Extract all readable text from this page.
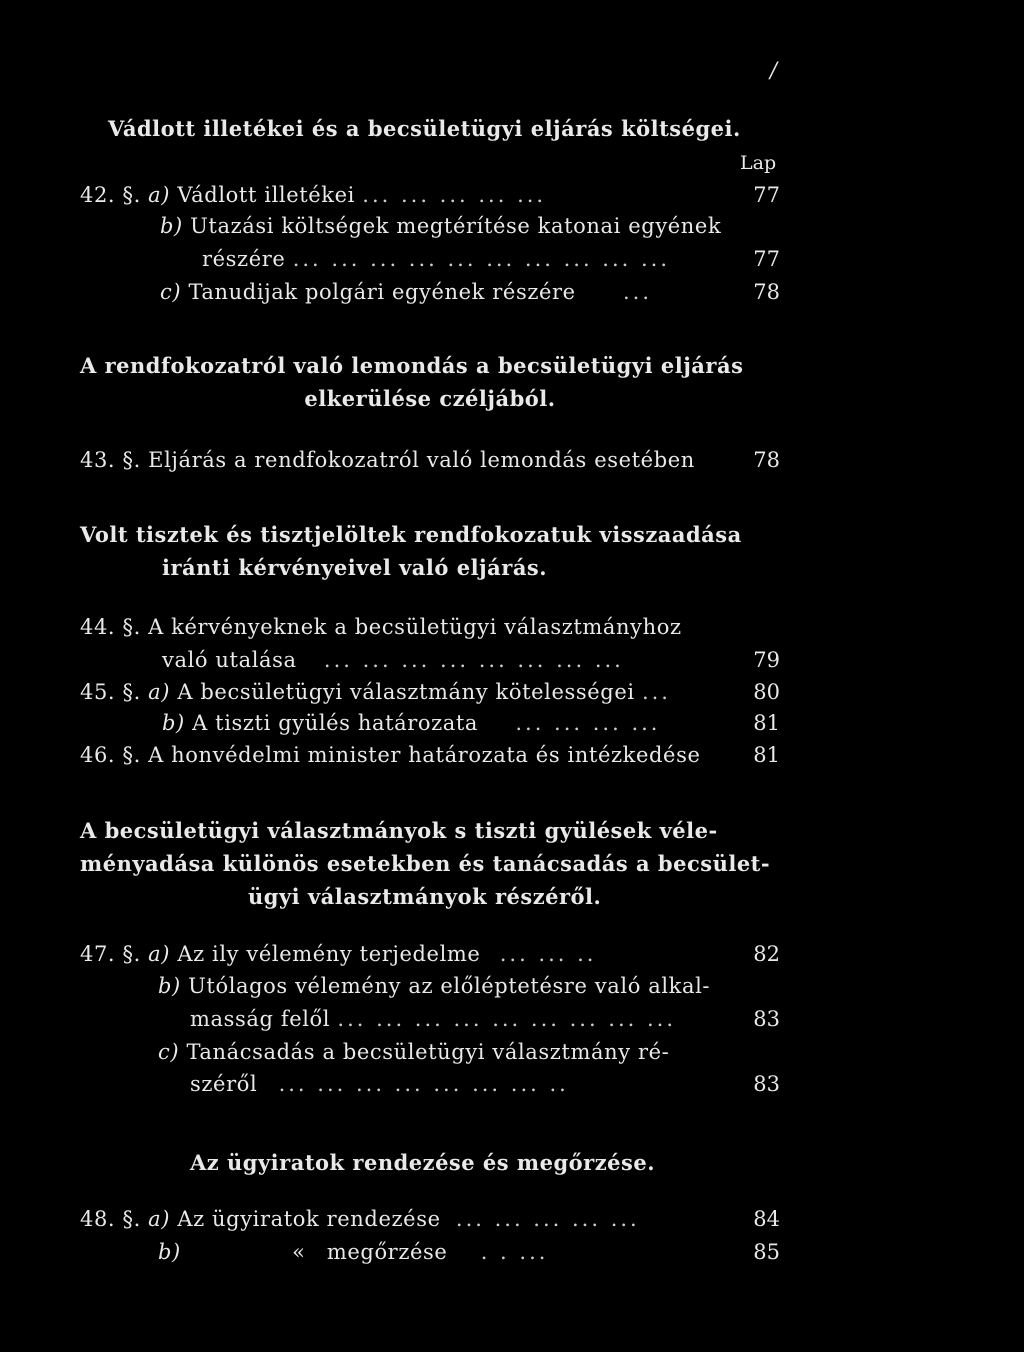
/
Vádlott illetékei és a becsületügyi eljárás költségei.
Lap
42. §. a) Vádlott illetékei ... ... ... ... ...	77
b) Utazási költségek megtérítése katonai egyének
részére ... ... ... ... ... ... ... ... ... ...	77
c) Tanudijak polgári egyének részére ...	78
A rendfokozatról való lemondás a becsületügyi eljárás
elkerülése czéljából.
43. §. Eljárás a rendfokozatról való lemondás esetében	78
Volt tisztek és tisztjelöltek rendfokozatuk visszaadása
iránti kérvényeivel való eljárás.
44. §. A kérvényeknek a becsületügyi választmányhoz
való utalása ... ... ... ... ... ... ... ...	79
45. §. a) A becsületügyi választmány kötelességei ...	80
b) A tiszti gyülés határozata ... ... ... ...	81
46. §. A honvédelmi minister határozata és intézkedése	81
A becsületügyi választmányok s tiszti gyülések véle-
ményadása különös esetekben és tanácsadás a becsület-
ügyi választmányok részéről.
47. §. a) Az ily vélemény terjedelme ... ... ..	82
b) Utólagos vélemény az előléptetésre való alkal-
masság felől ... ... ... ... ... ... ... ... ...	83
c) Tanácsadás a becsületügyi választmány ré-
széről ... ... ... ... ... ... ... ..	83
Az ügyiratok rendezése és megőrzése.
48. §. a) Az ügyiratok rendezése ... ... ... ... ...	84
b)	« megőrzése . . ...	85
